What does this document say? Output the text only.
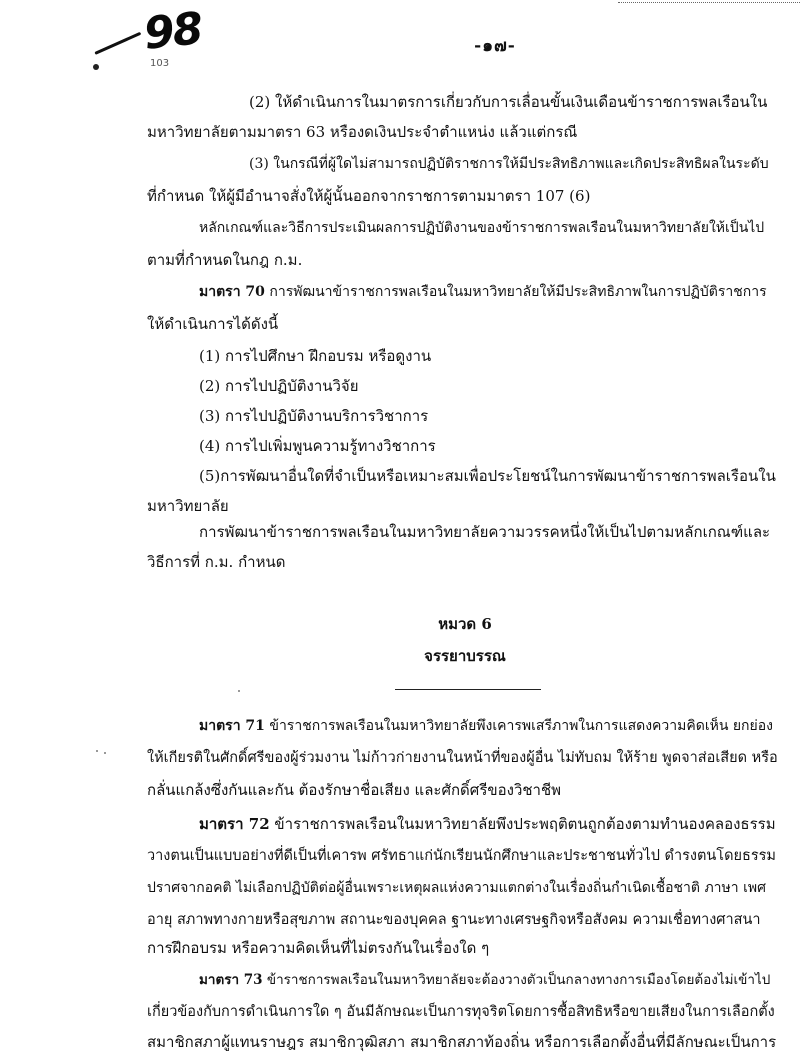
98
103
-๑๗-
(2) ให้ดำเนินการในมาตรการเกี่ยวกับการเลื่อนขั้นเงินเดือนข้าราชการพลเรือนใน
มหาวิทยาลัยตามมาตรา 63 หรืองดเงินประจำตำแหน่ง แล้วแต่กรณี
(3) ในกรณีที่ผู้ใดไม่สามารถปฏิบัติราชการให้มีประสิทธิภาพและเกิดประสิทธิผลในระดับ
ที่กำหนด ให้ผู้มีอำนาจสั่งให้ผู้นั้นออกจากราชการตามมาตรา 107 (6)
หลักเกณฑ์และวิธีการประเมินผลการปฏิบัติงานของข้าราชการพลเรือนในมหาวิทยาลัยให้เป็นไป
ตามที่กำหนดในกฎ ก.ม.
มาตรา 70 การพัฒนาข้าราชการพลเรือนในมหาวิทยาลัยให้มีประสิทธิภาพในการปฏิบัติราชการ
ให้ดำเนินการได้ดังนี้
(1) การไปศึกษา ฝึกอบรม หรือดูงาน
(2) การไปปฏิบัติงานวิจัย
(3) การไปปฏิบัติงานบริการวิชาการ
(4) การไปเพิ่มพูนความรู้ทางวิชาการ
(5)การพัฒนาอื่นใดที่จำเป็นหรือเหมาะสมเพื่อประโยชน์ในการพัฒนาข้าราชการพลเรือนใน
มหาวิทยาลัย
การพัฒนาข้าราชการพลเรือนในมหาวิทยาลัยความวรรคหนึ่งให้เป็นไปตามหลักเกณฑ์และ
วิธีการที่ ก.ม. กำหนด
หมวด 6
จรรยาบรรณ
มาตรา 71 ข้าราชการพลเรือนในมหาวิทยาลัยพึงเคารพเสรีภาพในการแสดงความคิดเห็น ยกย่อง
ให้เกียรติในศักดิ์ศรีของผู้ร่วมงาน ไม่ก้าวก่ายงานในหน้าที่ของผู้อื่น ไม่ทับถม ให้ร้าย พูดจาส่อเสียด หรือ
กลั่นแกล้งซึ่งกันและกัน ต้องรักษาชื่อเสียง และศักดิ์ศรีของวิชาชีพ
มาตรา 72 ข้าราชการพลเรือนในมหาวิทยาลัยพึงประพฤติตนถูกต้องตามทำนองคลองธรรม
วางตนเป็นแบบอย่างที่ดีเป็นที่เคารพ ศรัทธาแก่นักเรียนนักศึกษาและประชาชนทั่วไป ดำรงตนโดยธรรม
ปราศจากอคติ ไม่เลือกปฏิบัติต่อผู้อื่นเพราะเหตุผลแห่งความแตกต่างในเรื่องถิ่นกำเนิดเชื้อชาติ ภาษา เพศ
อายุ สภาพทางกายหรือสุขภาพ สถานะของบุคคล ฐานะทางเศรษฐกิจหรือสังคม ความเชื่อทางศาสนา
การฝึกอบรม หรือความคิดเห็นที่ไม่ตรงกันในเรื่องใด ๆ
มาตรา 73 ข้าราชการพลเรือนในมหาวิทยาลัยจะต้องวางตัวเป็นกลางทางการเมืองโดยต้องไม่เข้าไป
เกี่ยวข้องกับการดำเนินการใด ๆ อันมีลักษณะเป็นการทุจริตโดยการซื้อสิทธิหรือขายเสียงในการเลือกตั้ง
สมาชิกสภาผู้แทนราษฎร สมาชิกวุฒิสภา สมาชิกสภาท้องถิ่น หรือการเลือกตั้งอื่นที่มีลักษณะเป็นการ
